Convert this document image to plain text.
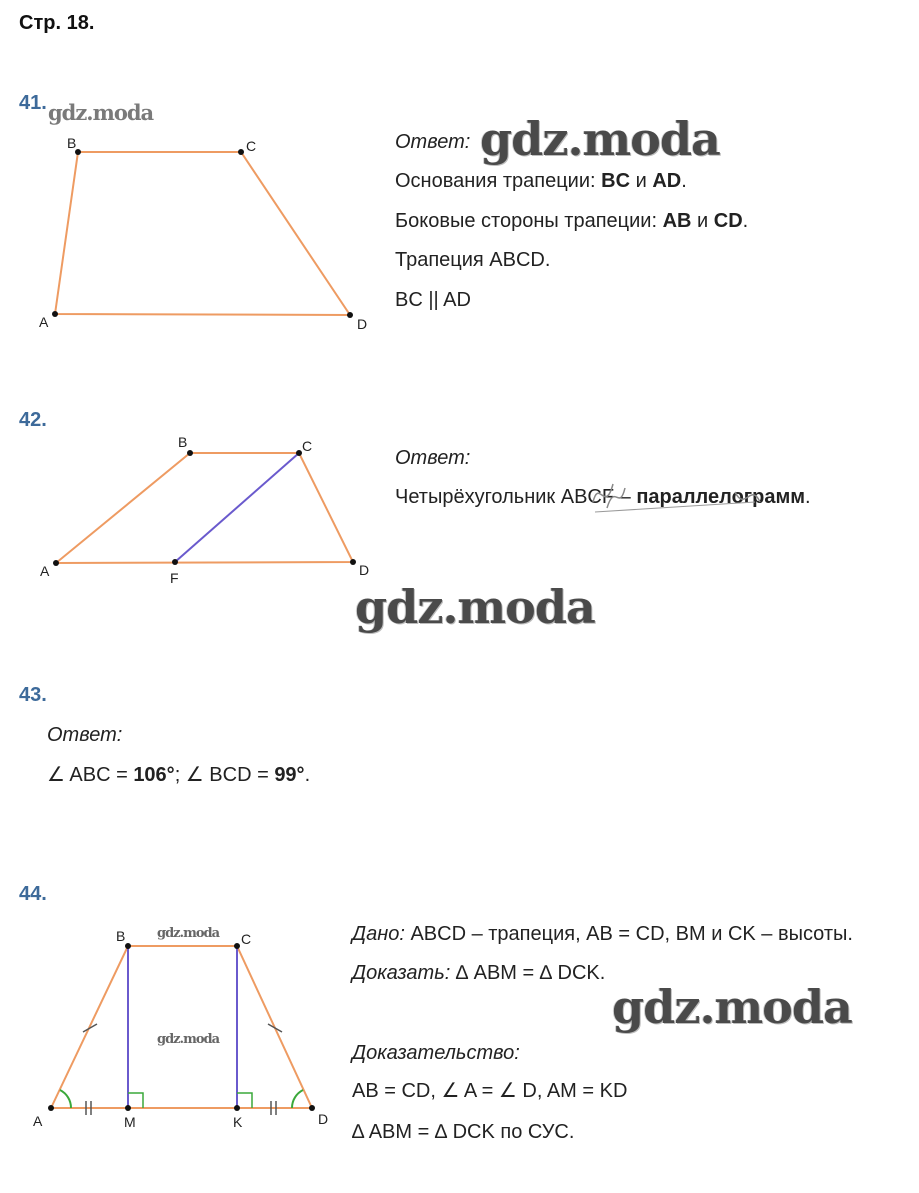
Стр. 18.
41. gdz.moda
A
B	C
D
Ответ: gdz.moda
Основания трапеции: BC и AD.
Боковые стороны трапеции: AB и CD.
Трапеция ABCD.
BC || AD
42.
A
B	C
D
F
Ответ:
Четырёхугольник ABCF – параллелограмм.
gdz.moda
43.
Ответ:
∠ ABC = 106°; ∠ BCD = 99°.
44.
A
B	C
D
M	K
gdz.moda
gdz.moda
Дано: ABCD – трапеция, AB = CD, BM и CK – высоты.
Доказать: ∆ ABM = ∆ DCK.
gdz.moda
Доказательство:
AB = CD, ∠ A = ∠ D, AM = KD
∆ ABM = ∆ DCK по СУС.
